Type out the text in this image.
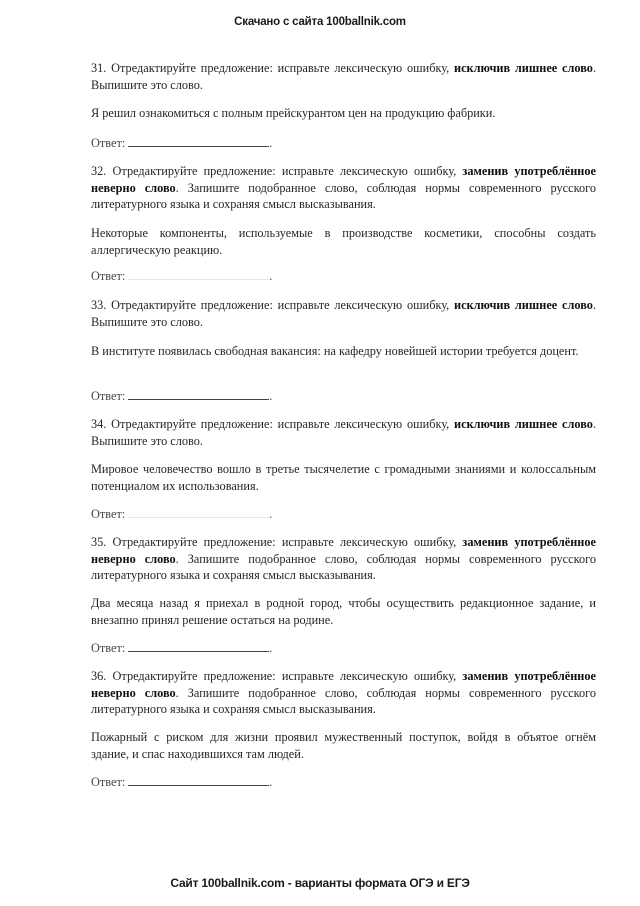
Скачано с сайта 100ballnik.com
31. Отредактируйте предложение: исправьте лексическую ошибку, исключив лишнее слово. Выпишите это слово.
Я решил ознакомиться с полным прейскурантом цен на продукцию фабрики.
Ответ:	.
32. Отредактируйте предложение: исправьте лексическую ошибку, заменив употреблённое неверно слово. Запишите подобранное слово, соблюдая нормы современного русского литературного языка и сохраняя смысл высказывания.
Некоторые компоненты, используемые в производстве косметики, способны создать аллергическую реакцию.
Ответ:	.
33. Отредактируйте предложение: исправьте лексическую ошибку, исключив лишнее слово. Выпишите это слово.
В институте появилась свободная вакансия: на кафедру новейшей истории требуется доцент.
Ответ:	.
34. Отредактируйте предложение: исправьте лексическую ошибку, исключив лишнее слово. Выпишите это слово.
Мировое человечество вошло в третье тысячелетие с громадными знаниями и колоссальным потенциалом их использования.
Ответ:	.
35. Отредактируйте предложение: исправьте лексическую ошибку, заменив употреблённое неверно слово. Запишите подобранное слово, соблюдая нормы современного русского литературного языка и сохраняя смысл высказывания.
Два месяца назад я приехал в родной город, чтобы осуществить редакционное задание, и внезапно принял решение остаться на родине.
Ответ:	.
36. Отредактируйте предложение: исправьте лексическую ошибку, заменив употреблённое неверно слово. Запишите подобранное слово, соблюдая нормы современного русского литературного языка и сохраняя смысл высказывания.
Пожарный с риском для жизни проявил мужественный поступок, войдя в объятое огнём здание, и спас находившихся там людей.
Ответ:	.
Сайт 100ballnik.com - варианты формата ОГЭ и ЕГЭ
